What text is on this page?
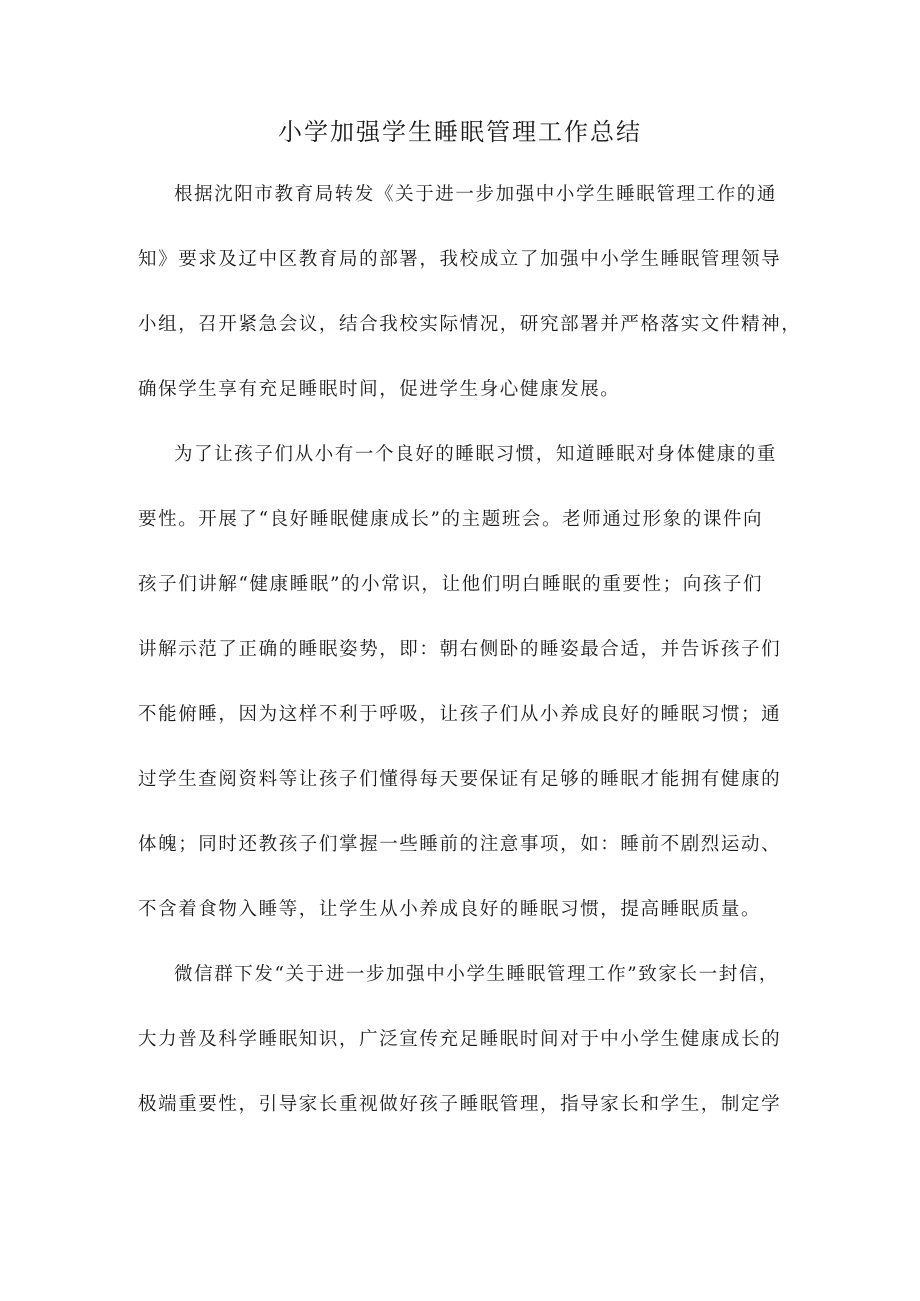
小学加强学生睡眠管理工作总结

根据沈阳市教育局转发《关于进一步加强中小学生睡眠管理工作的通

知》要求及辽中区教育局的部署，我校成立了加强中小学生睡眠管理领导

小组，召开紧急会议，结合我校实际情况，研究部署并严格落实文件精神，

确保学生享有充足睡眠时间，促进学生身心健康发展。

为了让孩子们从小有一个良好的睡眠习惯，知道睡眠对身体健康的重

要性。开展了“良好睡眠健康成长”的主题班会。老师通过形象的课件向

孩子们讲解“健康睡眠”的小常识，让他们明白睡眠的重要性；向孩子们

讲解示范了正确的睡眠姿势，即：朝右侧卧的睡姿最合适，并告诉孩子们

不能俯睡，因为这样不利于呼吸，让孩子们从小养成良好的睡眠习惯；通

过学生查阅资料等让孩子们懂得每天要保证有足够的睡眠才能拥有健康的

体魄；同时还教孩子们掌握一些睡前的注意事项，如：睡前不剧烈运动、

不含着食物入睡等，让学生从小养成良好的睡眠习惯，提高睡眠质量。

微信群下发“关于进一步加强中小学生睡眠管理工作”致家长一封信，

大力普及科学睡眠知识，广泛宣传充足睡眠时间对于中小学生健康成长的

极端重要性，引导家长重视做好孩子睡眠管理，指导家长和学生，制定学
